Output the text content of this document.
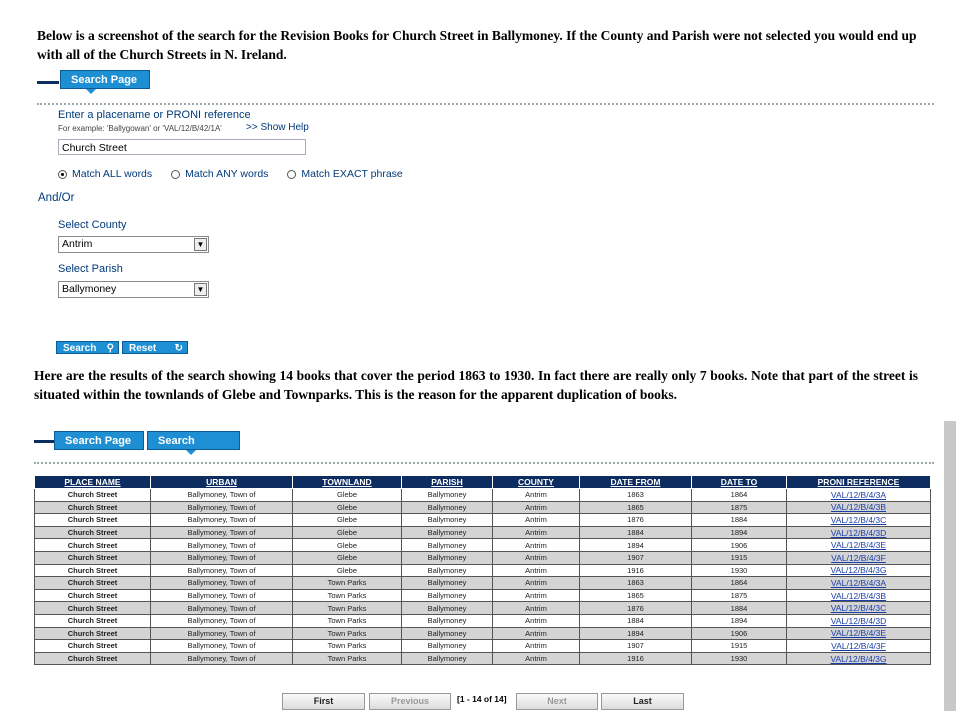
Below is a screenshot of the search for the Revision Books for Church Street in Ballymoney. If the County and Parish were not selected you would end up with all of the Church Streets in N. Ireland.
Search Page
Enter a placename or PRONI reference
For example: 'Ballygowan' or 'VAL/12/B/42/1A' >> Show Help
Church Street
Match ALL words	Match ANY words	Match EXACT phrase
And/Or
Select County
Antrim	▼
Select Parish
Ballymoney	▼
Search ⚲	Reset ↻
Here are the results of the search showing 14 books that cover the period 1863 to 1930. In fact there are really only 7 books. Note that part of the street is situated within the townlands of Glebe and Townparks. This is the reason for the apparent duplication of books.
Search Page	Search Results
PLACE NAME	URBAN	TOWNLAND	PARISH	COUNTY	DATE FROM	DATE TO	PRONI REFERENCE
Church Street	Ballymoney, Town of	Glebe	Ballymoney	Antrim	1863	1864	VAL/12/B/4/3A
Church Street	Ballymoney, Town of	Glebe	Ballymoney	Antrim	1865	1875	VAL/12/B/4/3B
Church Street	Ballymoney, Town of	Glebe	Ballymoney	Antrim	1876	1884	VAL/12/B/4/3C
Church Street	Ballymoney, Town of	Glebe	Ballymoney	Antrim	1884	1894	VAL/12/B/4/3D
Church Street	Ballymoney, Town of	Glebe	Ballymoney	Antrim	1894	1906	VAL/12/B/4/3E
Church Street	Ballymoney, Town of	Glebe	Ballymoney	Antrim	1907	1915	VAL/12/B/4/3F
Church Street	Ballymoney, Town of	Glebe	Ballymoney	Antrim	1916	1930	VAL/12/B/4/3G
Church Street	Ballymoney, Town of	Town Parks	Ballymoney	Antrim	1863	1864	VAL/12/B/4/3A
Church Street	Ballymoney, Town of	Town Parks	Ballymoney	Antrim	1865	1875	VAL/12/B/4/3B
Church Street	Ballymoney, Town of	Town Parks	Ballymoney	Antrim	1876	1884	VAL/12/B/4/3C
Church Street	Ballymoney, Town of	Town Parks	Ballymoney	Antrim	1884	1894	VAL/12/B/4/3D
Church Street	Ballymoney, Town of	Town Parks	Ballymoney	Antrim	1894	1906	VAL/12/B/4/3E
Church Street	Ballymoney, Town of	Town Parks	Ballymoney	Antrim	1907	1915	VAL/12/B/4/3F
Church Street	Ballymoney, Town of	Town Parks	Ballymoney	Antrim	1916	1930	VAL/12/B/4/3G
First	Previous	[1 - 14 of 14]	Next	Last
